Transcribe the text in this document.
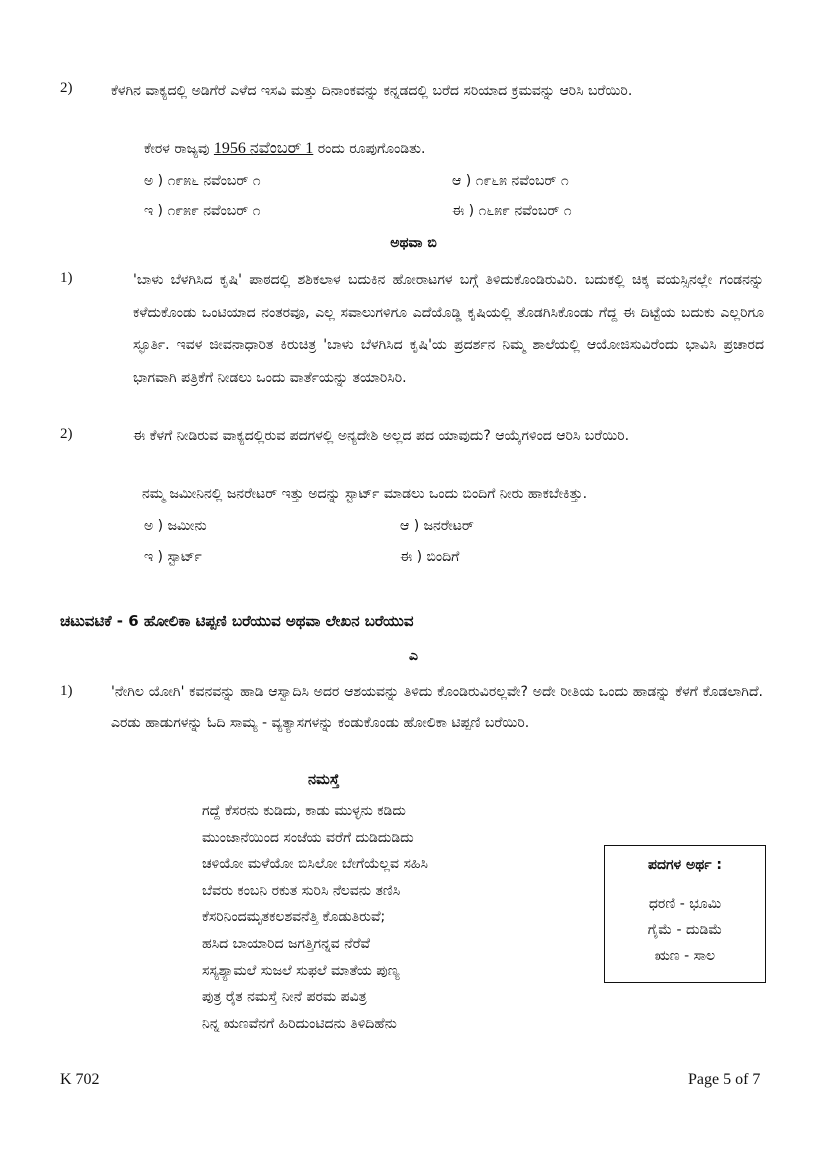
2)	ಕೆಳಗಿನ ವಾಕ್ಯದಲ್ಲಿ ಅಡಿಗೆರೆ ಎಳೆದ ಇಸವಿ ಮತ್ತು ದಿನಾಂಕವನ್ನು ಕನ್ನಡದಲ್ಲಿ ಬರೆದ ಸರಿಯಾದ ಕ್ರಮವನ್ನು ಆರಿಸಿ ಬರೆಯಿರಿ.
ಕೇರಳ ರಾಜ್ಯವು 1956 ನವೆಂಬರ್ 1 ರಂದು ರೂಪುಗೊಂಡಿತು.
ಅ ) ೧೯೫೬ ನವೆಂಬರ್ ೧	ಆ ) ೧೯೬೫ ನವೆಂಬರ್ ೧
ಇ ) ೧೯೫೯ ನವೆಂಬರ್ ೧	ಈ ) ೧೬೫೯ ನವೆಂಬರ್ ೧
ಅಥವಾ ಬಿ
1)	'ಬಾಳು ಬೆಳಗಿಸಿದ ಕೃಷಿ' ಪಾಠದಲ್ಲಿ ಶಶಿಕಲಾಳ ಬದುಕಿನ ಹೋರಾಟಗಳ ಬಗ್ಗೆ ತಿಳಿದುಕೊಂಡಿರುವಿರಿ. ಬದುಕಲ್ಲಿ ಚಿಕ್ಕ ವಯಸ್ಸಿನಲ್ಲೇ ಗಂಡನನ್ನು ಕಳೆದುಕೊಂಡು ಒಂಟಿಯಾದ ನಂತರವೂ, ಎಲ್ಲ ಸವಾಲುಗಳಿಗೂ ಎದೆಯೊಡ್ಡಿ ಕೃಷಿಯಲ್ಲಿ ತೊಡಗಿಸಿಕೊಂಡು ಗೆದ್ದ ಈ ದಿಟ್ಟೆಯ ಬದುಕು ಎಲ್ಲರಿಗೂ ಸ್ಫೂರ್ತಿ. ಇವಳ ಜೀವನಾಧಾರಿತ ಕಿರುಚಿತ್ರ 'ಬಾಳು ಬೆಳಗಿಸಿದ ಕೃಷಿ'ಯ ಪ್ರದರ್ಶನ ನಿಮ್ಮ ಶಾಲೆಯಲ್ಲಿ ಆಯೋಜಿಸುವಿರೆಂದು ಭಾವಿಸಿ ಪ್ರಚಾರದ ಭಾಗವಾಗಿ ಪತ್ರಿಕೆಗೆ ನೀಡಲು ಒಂದು ವಾರ್ತೆಯನ್ನು ತಯಾರಿಸಿರಿ.
2)	ಈ ಕೆಳಗೆ ನೀಡಿರುವ ವಾಕ್ಯದಲ್ಲಿರುವ ಪದಗಳಲ್ಲಿ ಅನ್ಯದೇಶಿ ಅಲ್ಲದ ಪದ ಯಾವುದು? ಆಯ್ಕೆಗಳಿಂದ ಆರಿಸಿ ಬರೆಯಿರಿ.
ನಮ್ಮ ಜಮೀನಿನಲ್ಲಿ ಜನರೇಟರ್ ಇತ್ತು ಅದನ್ನು ಸ್ಟಾರ್ಟ್ ಮಾಡಲು ಒಂದು ಬಿಂದಿಗೆ ನೀರು ಹಾಕಬೇಕಿತ್ತು.
ಅ ) ಜಮೀನು	ಆ ) ಜನರೇಟರ್
ಇ ) ಸ್ಟಾರ್ಟ್	ಈ ) ಬಿಂದಿಗೆ
ಚಟುವಟಿಕೆ - 6 ಹೋಲಿಕಾ ಟಿಪ್ಪಣಿ ಬರೆಯುವ ಅಥವಾ ಲೇಖನ ಬರೆಯುವ
ಎ
1)	'ನೇಗಿಲ ಯೋಗಿ' ಕವನವನ್ನು ಹಾಡಿ ಆಸ್ವಾದಿಸಿ ಅದರ ಆಶಯವನ್ನು ತಿಳಿದು ಕೊಂಡಿರುವಿರಲ್ಲವೇ? ಅದೇ ರೀತಿಯ ಒಂದು ಹಾಡನ್ನು ಕೆಳಗೆ ಕೊಡಲಾಗಿದೆ. ಎರಡು ಹಾಡುಗಳನ್ನು ಓದಿ ಸಾಮ್ಯ - ವ್ಯತ್ಯಾಸಗಳನ್ನು ಕಂಡುಕೊಂಡು ಹೋಲಿಕಾ ಟಿಪ್ಪಣಿ ಬರೆಯಿರಿ.
ನಮಸ್ತೆ
ಗದ್ದೆ ಕೆಸರನು ಕುಡಿದು, ಕಾಡು ಮುಳ್ಳನು ಕಡಿದು
ಮುಂಜಾನೆಯಿಂದ ಸಂಜೆಯ ವರೆಗೆ ದುಡಿದುಡಿದು
ಚಳಿಯೋ ಮಳೆಯೋ ಬಿಸಿಲೋ ಬೇಗೆಯೆಲ್ಲವ ಸಹಿಸಿ
ಬೆವರು ಕಂಬನಿ ರಕುತ ಸುರಿಸಿ ನೆಲವನು ತಣಿಸಿ
ಕೆಸರಿನಿಂದಮೃತಕಲಶವನೆತ್ತಿ ಕೊಡುತಿರುವೆ;
ಹಸಿದ ಬಾಯಾರಿದ ಜಗತ್ತಿಗನ್ನವ ನೆರೆವೆ
ಸಸ್ಯಶ್ಯಾಮಲೆ ಸುಜಲೆ ಸುಫಲೆ ಮಾತೆಯ ಪುಣ್ಯ
ಪುತ್ರ ರೈತ ನಮಸ್ತೆ ನೀನೆ ಪರಮ ಪವಿತ್ರ
ನಿನ್ನ ಋಣವೆನಗೆ ಹಿರಿದುಂಟಿದನು ತಿಳಿದಿಹೆನು
ಪದಗಳ ಅರ್ಥ :
ಧರಣಿ - ಭೂಮಿ
ಗೈಮೆ - ದುಡಿಮೆ
ಋಣ - ಸಾಲ
K 702	Page 5 of 7
